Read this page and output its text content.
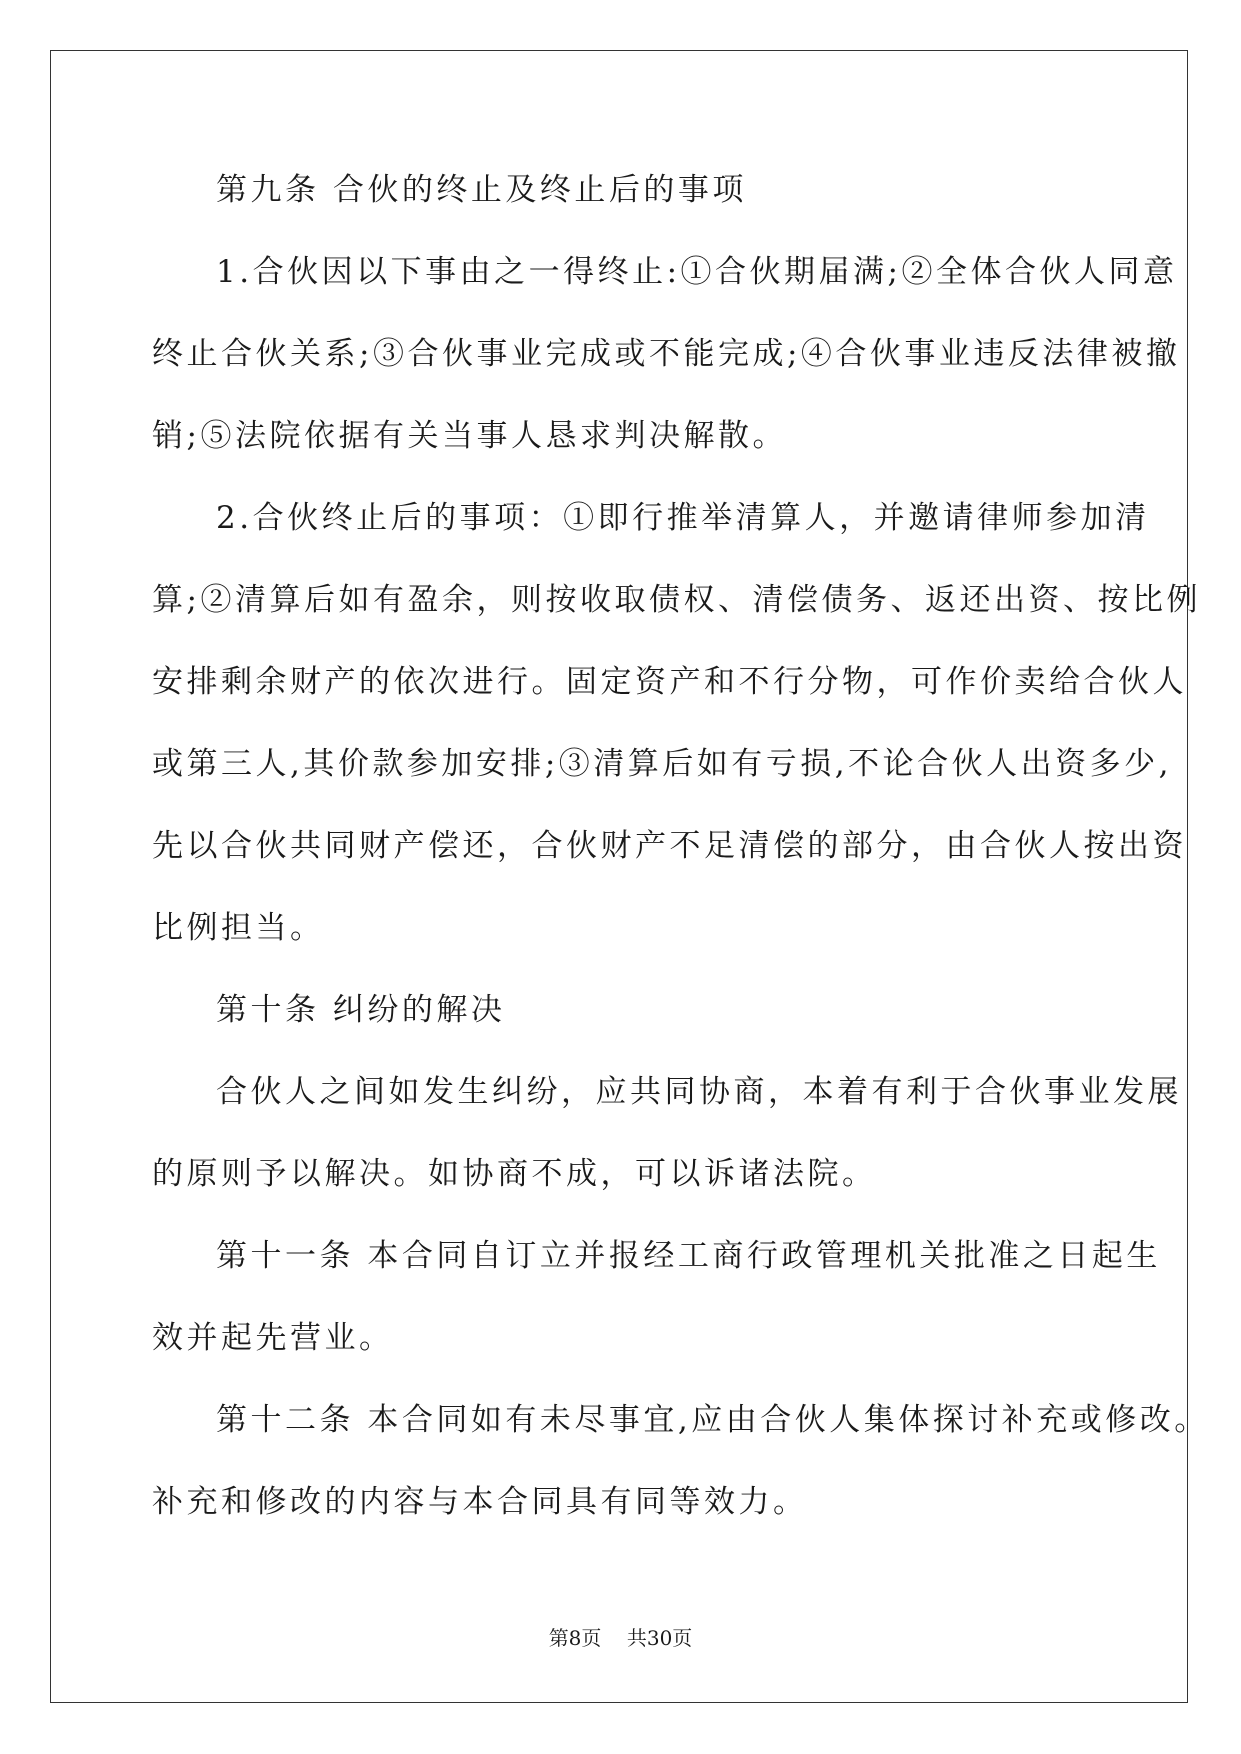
第九条 合伙的终止及终止后的事项
1.合伙因以下事由之一得终止:①合伙期届满;②全体合伙人同意
终止合伙关系;③合伙事业完成或不能完成;④合伙事业违反法律被撤
销;⑤法院依据有关当事人恳求判决解散。
2.合伙终止后的事项：①即行推举清算人，并邀请律师参加清
算;②清算后如有盈余，则按收取债权、清偿债务、返还出资、按比例
安排剩余财产的依次进行。固定资产和不行分物，可作价卖给合伙人
或第三人,其价款参加安排;③清算后如有亏损,不论合伙人出资多少,
先以合伙共同财产偿还，合伙财产不足清偿的部分，由合伙人按出资
比例担当。
第十条 纠纷的解决
合伙人之间如发生纠纷，应共同协商，本着有利于合伙事业发展
的原则予以解决。如协商不成，可以诉诸法院。
第十一条 本合同自订立并报经工商行政管理机关批准之日起生
效并起先营业。
第十二条 本合同如有未尽事宜,应由合伙人集体探讨补充或修改。
补充和修改的内容与本合同具有同等效力。
第8页    共30页
